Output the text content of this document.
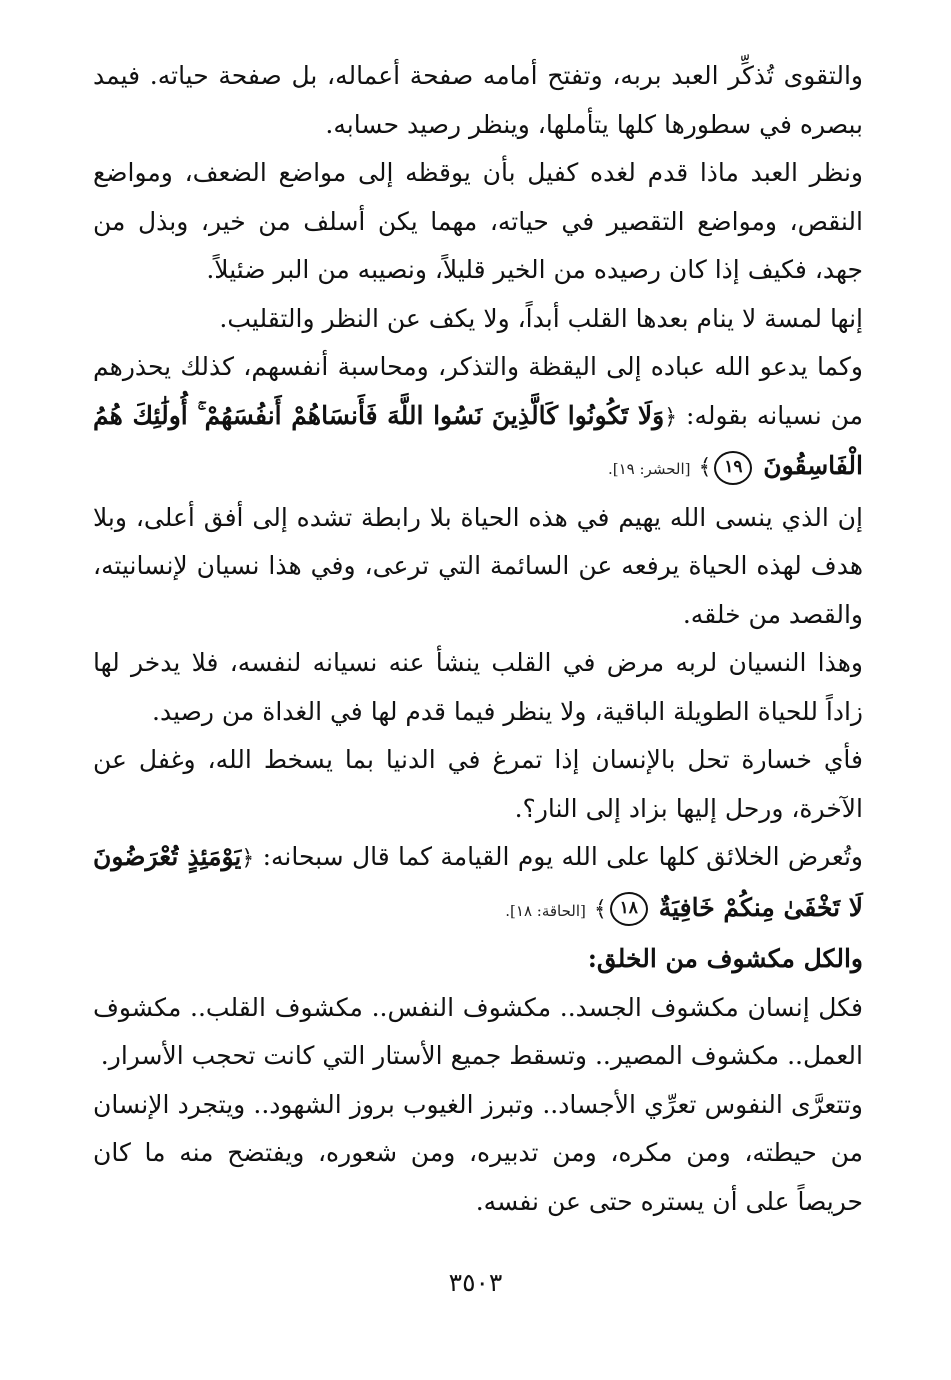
والتقوى تُذكِّر العبد بربه، وتفتح أمامه صفحة أعماله، بل صفحة حياته. فيمد ببصره في سطورها كلها يتأملها، وينظر رصيد حسابه.

ونظر العبد ماذا قدم لغده كفيل بأن يوقظه إلى مواضع الضعف، ومواضع النقص، ومواضع التقصير في حياته، مهما يكن أسلف من خير، وبذل من جهد، فكيف إذا كان رصيده من الخير قليلاً، ونصيبه من البر ضئيلاً.

إنها لمسة لا ينام بعدها القلب أبداً، ولا يكف عن النظر والتقليب.

وكما يدعو الله عباده إلى اليقظة والتذكر، ومحاسبة أنفسهم، كذلك يحذرهم من نسيانه بقوله: ﴿وَلَا تَكُونُوا كَالَّذِينَ نَسُوا اللَّهَ فَأَنسَاهُمْ أَنفُسَهُمْ ۚ أُولَٰئِكَ هُمُ الْفَاسِقُونَ ١٩﴾ [الحشر: ١٩].

إن الذي ينسى الله يهيم في هذه الحياة بلا رابطة تشده إلى أفق أعلى، وبلا هدف لهذه الحياة يرفعه عن السائمة التي ترعى، وفي هذا نسيان لإنسانيته، والقصد من خلقه.

وهذا النسيان لربه مرض في القلب ينشأ عنه نسيانه لنفسه، فلا يدخر لها زاداً للحياة الطويلة الباقية، ولا ينظر فيما قدم لها في الغداة من رصيد.

فأي خسارة تحل بالإنسان إذا تمرغ في الدنيا بما يسخط الله، وغفل عن الآخرة، ورحل إليها بزاد إلى النار؟.

وتُعرض الخلائق كلها على الله يوم القيامة كما قال سبحانه: ﴿يَوْمَئِذٍ تُعْرَضُونَ لَا تَخْفَىٰ مِنكُمْ خَافِيَةٌ ١٨﴾ [الحاقة: ١٨].

والكل مكشوف من الخلق:

فكل إنسان مكشوف الجسد.. مكشوف النفس.. مكشوف القلب.. مكشوف العمل.. مكشوف المصير.. وتسقط جميع الأستار التي كانت تحجب الأسرار.

وتتعرَّى النفوس تعرِّي الأجساد.. وتبرز الغيوب بروز الشهود.. ويتجرد الإنسان من حيطته، ومن مكره، ومن تدبيره، ومن شعوره، ويفتضح منه ما كان حريصاً على أن يستره حتى عن نفسه.

٣٥٠٣
